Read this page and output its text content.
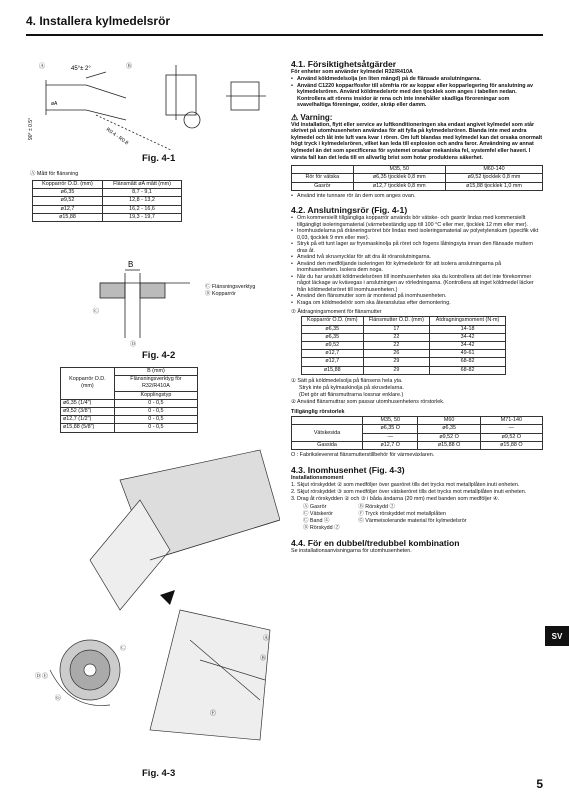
4. Installera kylmedelsrör
Ⓐ	45°± 2°
90° ± 0.5°
øA
R0.4 - R0.8
Ⓑ
Fig. 4-1
Ⓐ Mått för flänsning
Kopparrör O.D. (mm)	Flänsmått øA mått (mm)
ø6,35	8,7 - 9,1
ø9,52	12,8 - 13,2
ø12,7	16,2 - 16,6
ø15,88	19,3 - 19,7
B
Ⓒ
Ⓓ
Ⓒ Flänsningsverktyg
Ⓓ Kopparrör
Fig. 4-2
Kopparrör O.D. (mm)	B (mm)
	Flänsningsverktyg för R32/R410A
	Kopplingstyp
ø6,35 (1/4")	0 - 0,5
ø9,52 (3/8")	0 - 0,5
ø12,7 (1/2")	0 - 0,5
ø15,88 (5/8")	0 - 0,5
Ⓐ
Ⓑ
Ⓒ
Ⓓ Ⓔ
Ⓕ
Ⓖ
Fig. 4-3
4.1. Försiktighetsåtgärder
För enheter som använder kylmedel R32/R410A
• Använd köldmedelsolja (en liten mängd) på de flänsade anslutningarna.
• Använd C1220 koppar/fosfor till sömfria rör av koppar eller kopparlegering för anslutning av kylmedelsrören. Använd köldmedelsrör med den tjocklek som anges i tabellen nedan. Kontrollera att rörens insidor är rena och inte innehåller skadliga föroreningar som svavelhaltiga föreningar, oxider, skräp eller damm.
⚠ Varning:
Vid installation, flytt eller service av luftkonditioneringen ska endast angivet kylmedel som står skrivet på utomhusenheten användas för att fylla på kylmedelsrören. Blanda inte med andra kylmedel och låt inte luft vara kvar i rören. Om luft blandas med kylmedel kan det orsaka onormalt högt tryck i kylmedelsrören, vilket kan leda till explosion och andra faror. Användning av annat kylmedel än det som specificeras för systemet orsakar mekaniska fel, systemfel eller haveri. I värsta fall kan det leda till en allvarlig brist som hotar produktens säkerhet.
	M35, 50	M60-140
Rör för vätska	ø6,35 tjocklek 0,8 mm	ø9,52 tjocklek 0,8 mm
Gasrör	ø12,7 tjocklek 0,8 mm	ø15,88 tjocklek 1,0 mm
• Använd inte tunnare rör än dem som anges ovan.
4.2. Anslutningsrör (Fig. 4-1)
• Om kommersiellt tillgängliga kopparrör används bör vätske- och gasrör lindas med kommersiellt tillgängligt isoleringsmaterial (värmebeständig upp till 100 °C eller mer, tjocklek 12 mm eller mer).
• Inomhusdelarna på dräneringsröret bör lindas med isoleringsmaterial av polyetylenskum (specifik vikt 0,03, tjocklek 9 mm eller mer).
• Stryk på ett tunt lager av frysmaskinolja på röret och fogens låtningsyta innan den flänsade muttern dras åt.
• Använd två skruvnycklar för att dra åt röranslutningarna.
• Använd den medföljande isoleringen för kylmedelsrör för att isolera anslutningarna på inomhusenheten. Isolera dem noga.
• När du har anslutit köldmedelsrören till inomhusenheten ska du kontrollera att det inte förekommer något läckage av kvävegas i anslutningen av rörledningarna. (Kontrollera att inget köldmedel läcker från köldmedelsröret till inomhusenheten.)
• Använd den flänsmutter som är monterad på inomhusenheten.
• Kraga om köldmedelrör som ska återanslutas efter demontering.
⑦ Åtdragningsmoment för flänsmutter
Kopparrör O.D. (mm)	Flänsmutter O.D. (mm)	Åtdragningsmoment (N·m)
ø6,35	17	14-18
ø6,35	22	34-42
ø9,52	22	34-42
ø12,7	26	49-61
ø12,7	29	68-82
ø15,88	29	68-82
① Sätt på köldmedelsolja på flänsens hela yta.
Stryk inte på kylmaskinolja på skruvdelarna.
(Det gör att flänsmuttrarna lossnar enklare.)
② Använd flänsmuttrar som passar utomhusenhetens rörstorlek.
Tillgänglig rörstorlek
	M35, 50	M60	M71-140
Vätskesida	ø6,35 O	ø6,35	—
	—	ø9,52 O	ø9,52 O
Gassida	ø12,7 O	ø15,88 O	ø15,88 O
O : Fabrikslevererat flänsmutterstillbehör för värmeväxlaren.
4.3. Inomhusenhet (Fig. 4-3)
Installationsmoment
1. Skjut rörskyddet ② som medföljer över gasröret tills det trycks mot metallplåten inuti enheten.
2. Skjut rörskyddet ③ som medföljer över vätskeröret tills det trycks mot metallplåten inuti enheten.
3. Drag åt rörskydden ② och ③ i båda ändarna (20 mm) med banden som medföljer ④.
Ⓐ Gasrör	Ⓑ Rörskydd ②
Ⓒ Vätskerör	Ⓕ Tryck rörskyddet mot metallplåten
Ⓒ Band ④	Ⓖ Värmeisolerande material för kylmedelsrör
Ⓓ Rörskydd ②	
4.4. För en dubbel/tredubbel kombination
Se installationsanvisningarna för utomhusenheten.
SV
5
